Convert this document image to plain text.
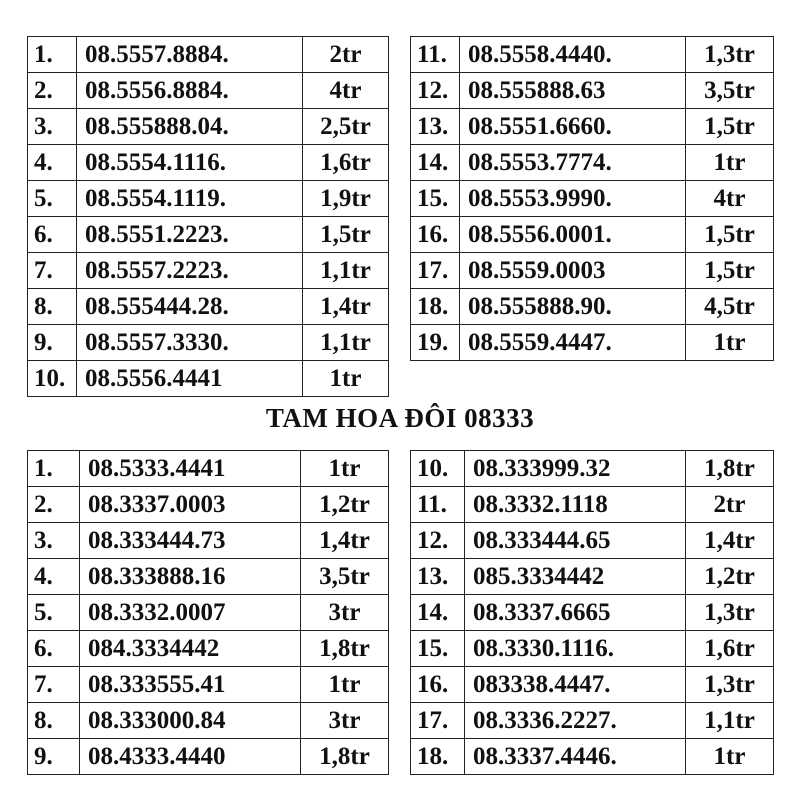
1.	08.5557.8884.	2tr
2.	08.5556.8884.	4tr
3.	08.555888.04.	2,5tr
4.	08.5554.1116.	1,6tr
5.	08.5554.1119.	1,9tr
6.	08.5551.2223.	1,5tr
7.	08.5557.2223.	1,1tr
8.	08.555444.28.	1,4tr
9.	08.5557.3330.	1,1tr
10.	08.5556.4441	1tr
11.	08.5558.4440.	1,3tr
12.	08.555888.63	3,5tr
13.	08.5551.6660.	1,5tr
14.	08.5553.7774.	1tr
15.	08.5553.9990.	4tr
16.	08.5556.0001.	1,5tr
17.	08.5559.0003	1,5tr
18.	08.555888.90.	4,5tr
19.	08.5559.4447.	1tr
TAM HOA ĐÔI 08333
1.	08.5333.4441	1tr
2.	08.3337.0003	1,2tr
3.	08.333444.73	1,4tr
4.	08.333888.16	3,5tr
5.	08.3332.0007	3tr
6.	084.3334442	1,8tr
7.	08.333555.41	1tr
8.	08.333000.84	3tr
9.	08.4333.4440	1,8tr
10.	08.333999.32	1,8tr
11.	08.3332.1118	2tr
12.	08.333444.65	1,4tr
13.	085.3334442	1,2tr
14.	08.3337.6665	1,3tr
15.	08.3330.1116.	1,6tr
16.	083338.4447.	1,3tr
17.	08.3336.2227.	1,1tr
18.	08.3337.4446.	1tr
